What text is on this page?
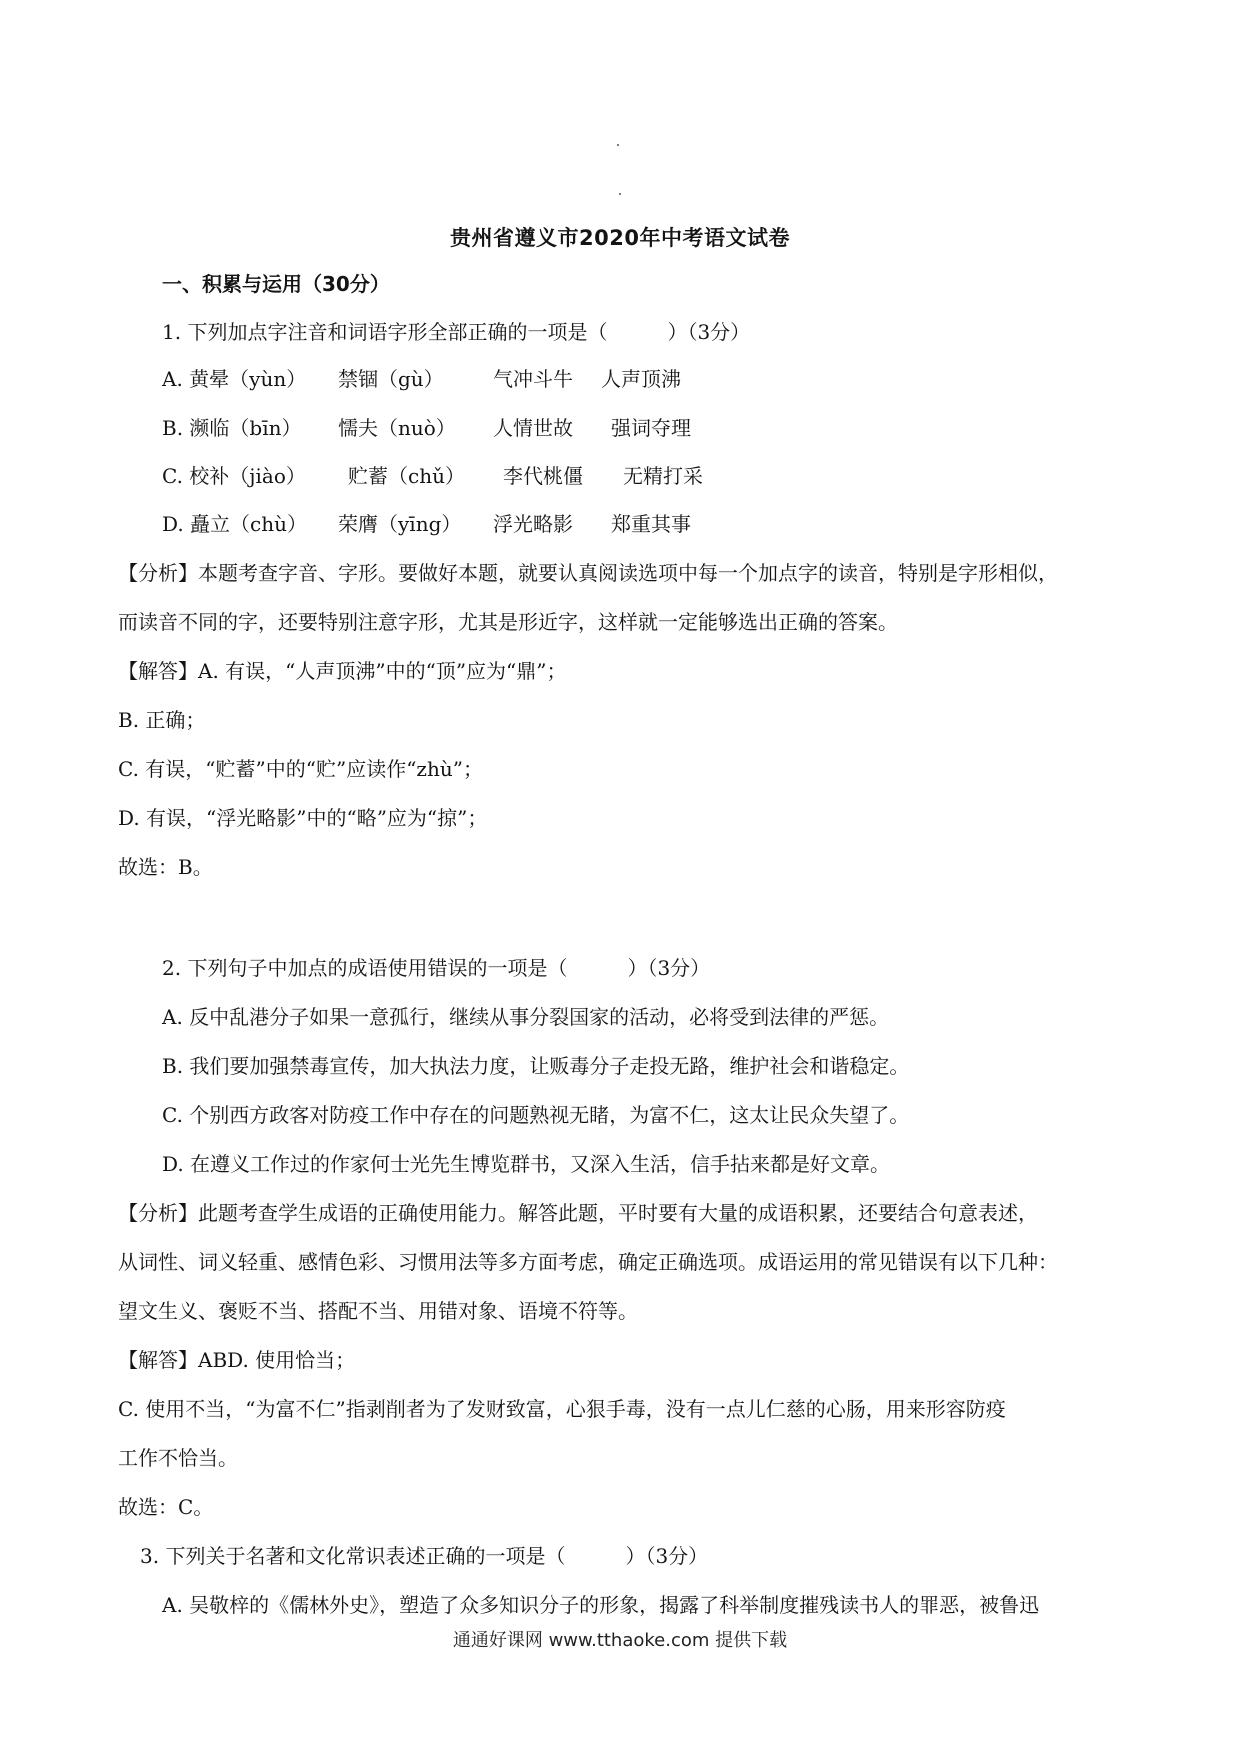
贵州省遵义市2020年中考语文试卷
一、积累与运用（30分）
1. 下列加点字注音和词语字形全部正确的一项是（　　　）（3分）
A. 黄晕（yùn） 禁锢（gù） 气冲斗牛 人声顶沸
B. 濒临（bīn） 懦夫（nuò） 人情世故 强词夺理
C. 校补（jiào） 贮蓄（chǔ） 李代桃僵 无精打采
D. 矗立（chù） 荣膺（yīng） 浮光略影 郑重其事
【分析】本题考查字音、字形。要做好本题，就要认真阅读选项中每一个加点字的读音，特别是字形相似，
而读音不同的字，还要特别注意字形，尤其是形近字，这样就一定能够选出正确的答案。
【解答】A. 有误，“人声顶沸”中的“顶”应为“鼎”；
B. 正确；
C. 有误，“贮蓄”中的“贮”应读作“zhù”；
D. 有误，“浮光略影”中的“略”应为“掠”；
故选：B。
2. 下列句子中加点的成语使用错误的一项是（　　　）（3分）
A. 反中乱港分子如果一意孤行，继续从事分裂国家的活动，必将受到法律的严惩。
B. 我们要加强禁毒宣传，加大执法力度，让贩毒分子走投无路，维护社会和谐稳定。
C. 个别西方政客对防疫工作中存在的问题熟视无睹，为富不仁，这太让民众失望了。
D. 在遵义工作过的作家何士光先生博览群书，又深入生活，信手拈来都是好文章。
【分析】此题考查学生成语的正确使用能力。解答此题，平时要有大量的成语积累，还要结合句意表述，
从词性、词义轻重、感情色彩、习惯用法等多方面考虑，确定正确选项。成语运用的常见错误有以下几种：
望文生义、褒贬不当、搭配不当、用错对象、语境不符等。
【解答】ABD. 使用恰当；
C. 使用不当，“为富不仁”指剥削者为了发财致富，心狠手毒，没有一点儿仁慈的心肠，用来形容防疫
工作不恰当。
故选：C。
3. 下列关于名著和文化常识表述正确的一项是（　　　）（3分）
A. 吴敬梓的《儒林外史》，塑造了众多知识分子的形象，揭露了科举制度摧残读书人的罪恶，被鲁迅
通通好课网 www.tthaoke.com 提供下载
